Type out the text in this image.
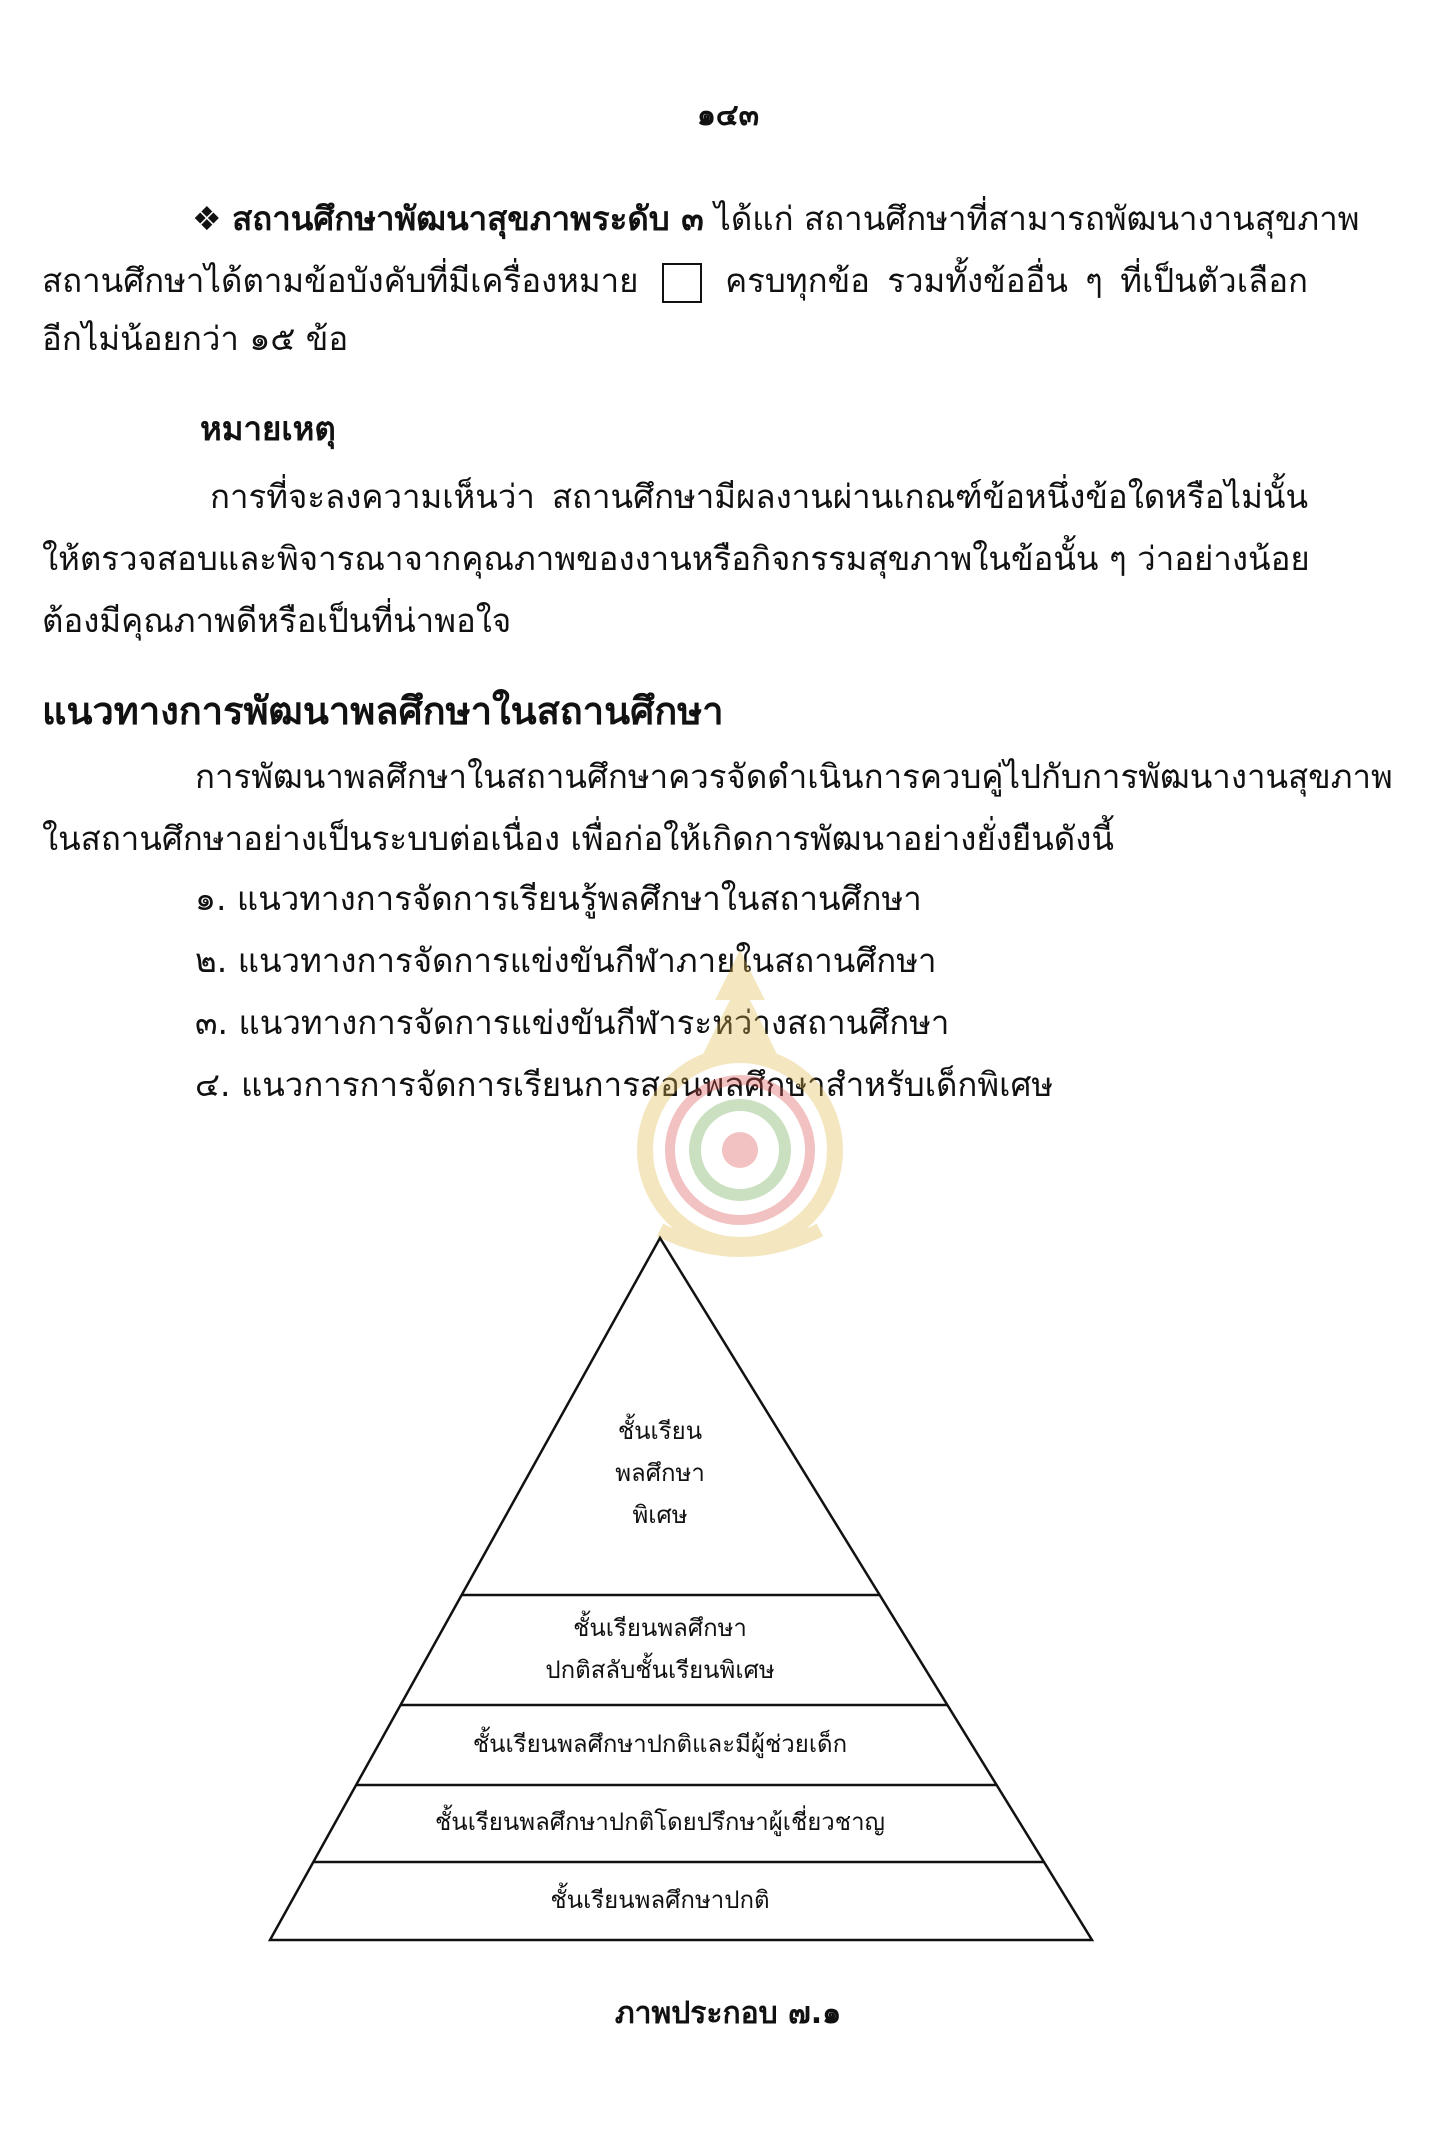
๑๔๓
❖ สถานศึกษาพัฒนาสุขภาพระดับ ๓ ได้แก่ สถานศึกษาที่สามารถพัฒนางานสุขภาพ
สถานศึกษาได้ตามข้อบังคับที่มีเครื่องหมาย	ครบทุกข้อ รวมทั้งข้ออื่น ๆ ที่เป็นตัวเลือก
อีกไม่น้อยกว่า ๑๕ ข้อ
หมายเหตุ
การที่จะลงความเห็นว่า สถานศึกษามีผลงานผ่านเกณฑ์ข้อหนึ่งข้อใดหรือไม่นั้น
ให้ตรวจสอบและพิจารณาจากคุณภาพของงานหรือกิจกรรมสุขภาพในข้อนั้น ๆ ว่าอย่างน้อย
ต้องมีคุณภาพดีหรือเป็นที่น่าพอใจ
แนวทางการพัฒนาพลศึกษาในสถานศึกษา
การพัฒนาพลศึกษาในสถานศึกษาควรจัดดำเนินการควบคู่ไปกับการพัฒนางานสุขภาพ
ในสถานศึกษาอย่างเป็นระบบต่อเนื่อง เพื่อก่อให้เกิดการพัฒนาอย่างยั่งยืนดังนี้
๑. แนวทางการจัดการเรียนรู้พลศึกษาในสถานศึกษา
๒. แนวทางการจัดการแข่งขันกีฬาภายในสถานศึกษา
๓. แนวทางการจัดการแข่งขันกีฬาระหว่างสถานศึกษา
๔. แนวการการจัดการเรียนการสอนพลศึกษาสำหรับเด็กพิเศษ
ชั้นเรียน
พลศึกษา
พิเศษ
ชั้นเรียนพลศึกษา
ปกติสลับชั้นเรียนพิเศษ
ชั้นเรียนพลศึกษาปกติและมีผู้ช่วยเด็ก
ชั้นเรียนพลศึกษาปกติโดยปรึกษาผู้เชี่ยวชาญ
ชั้นเรียนพลศึกษาปกติ
ภาพประกอบ ๗.๑
